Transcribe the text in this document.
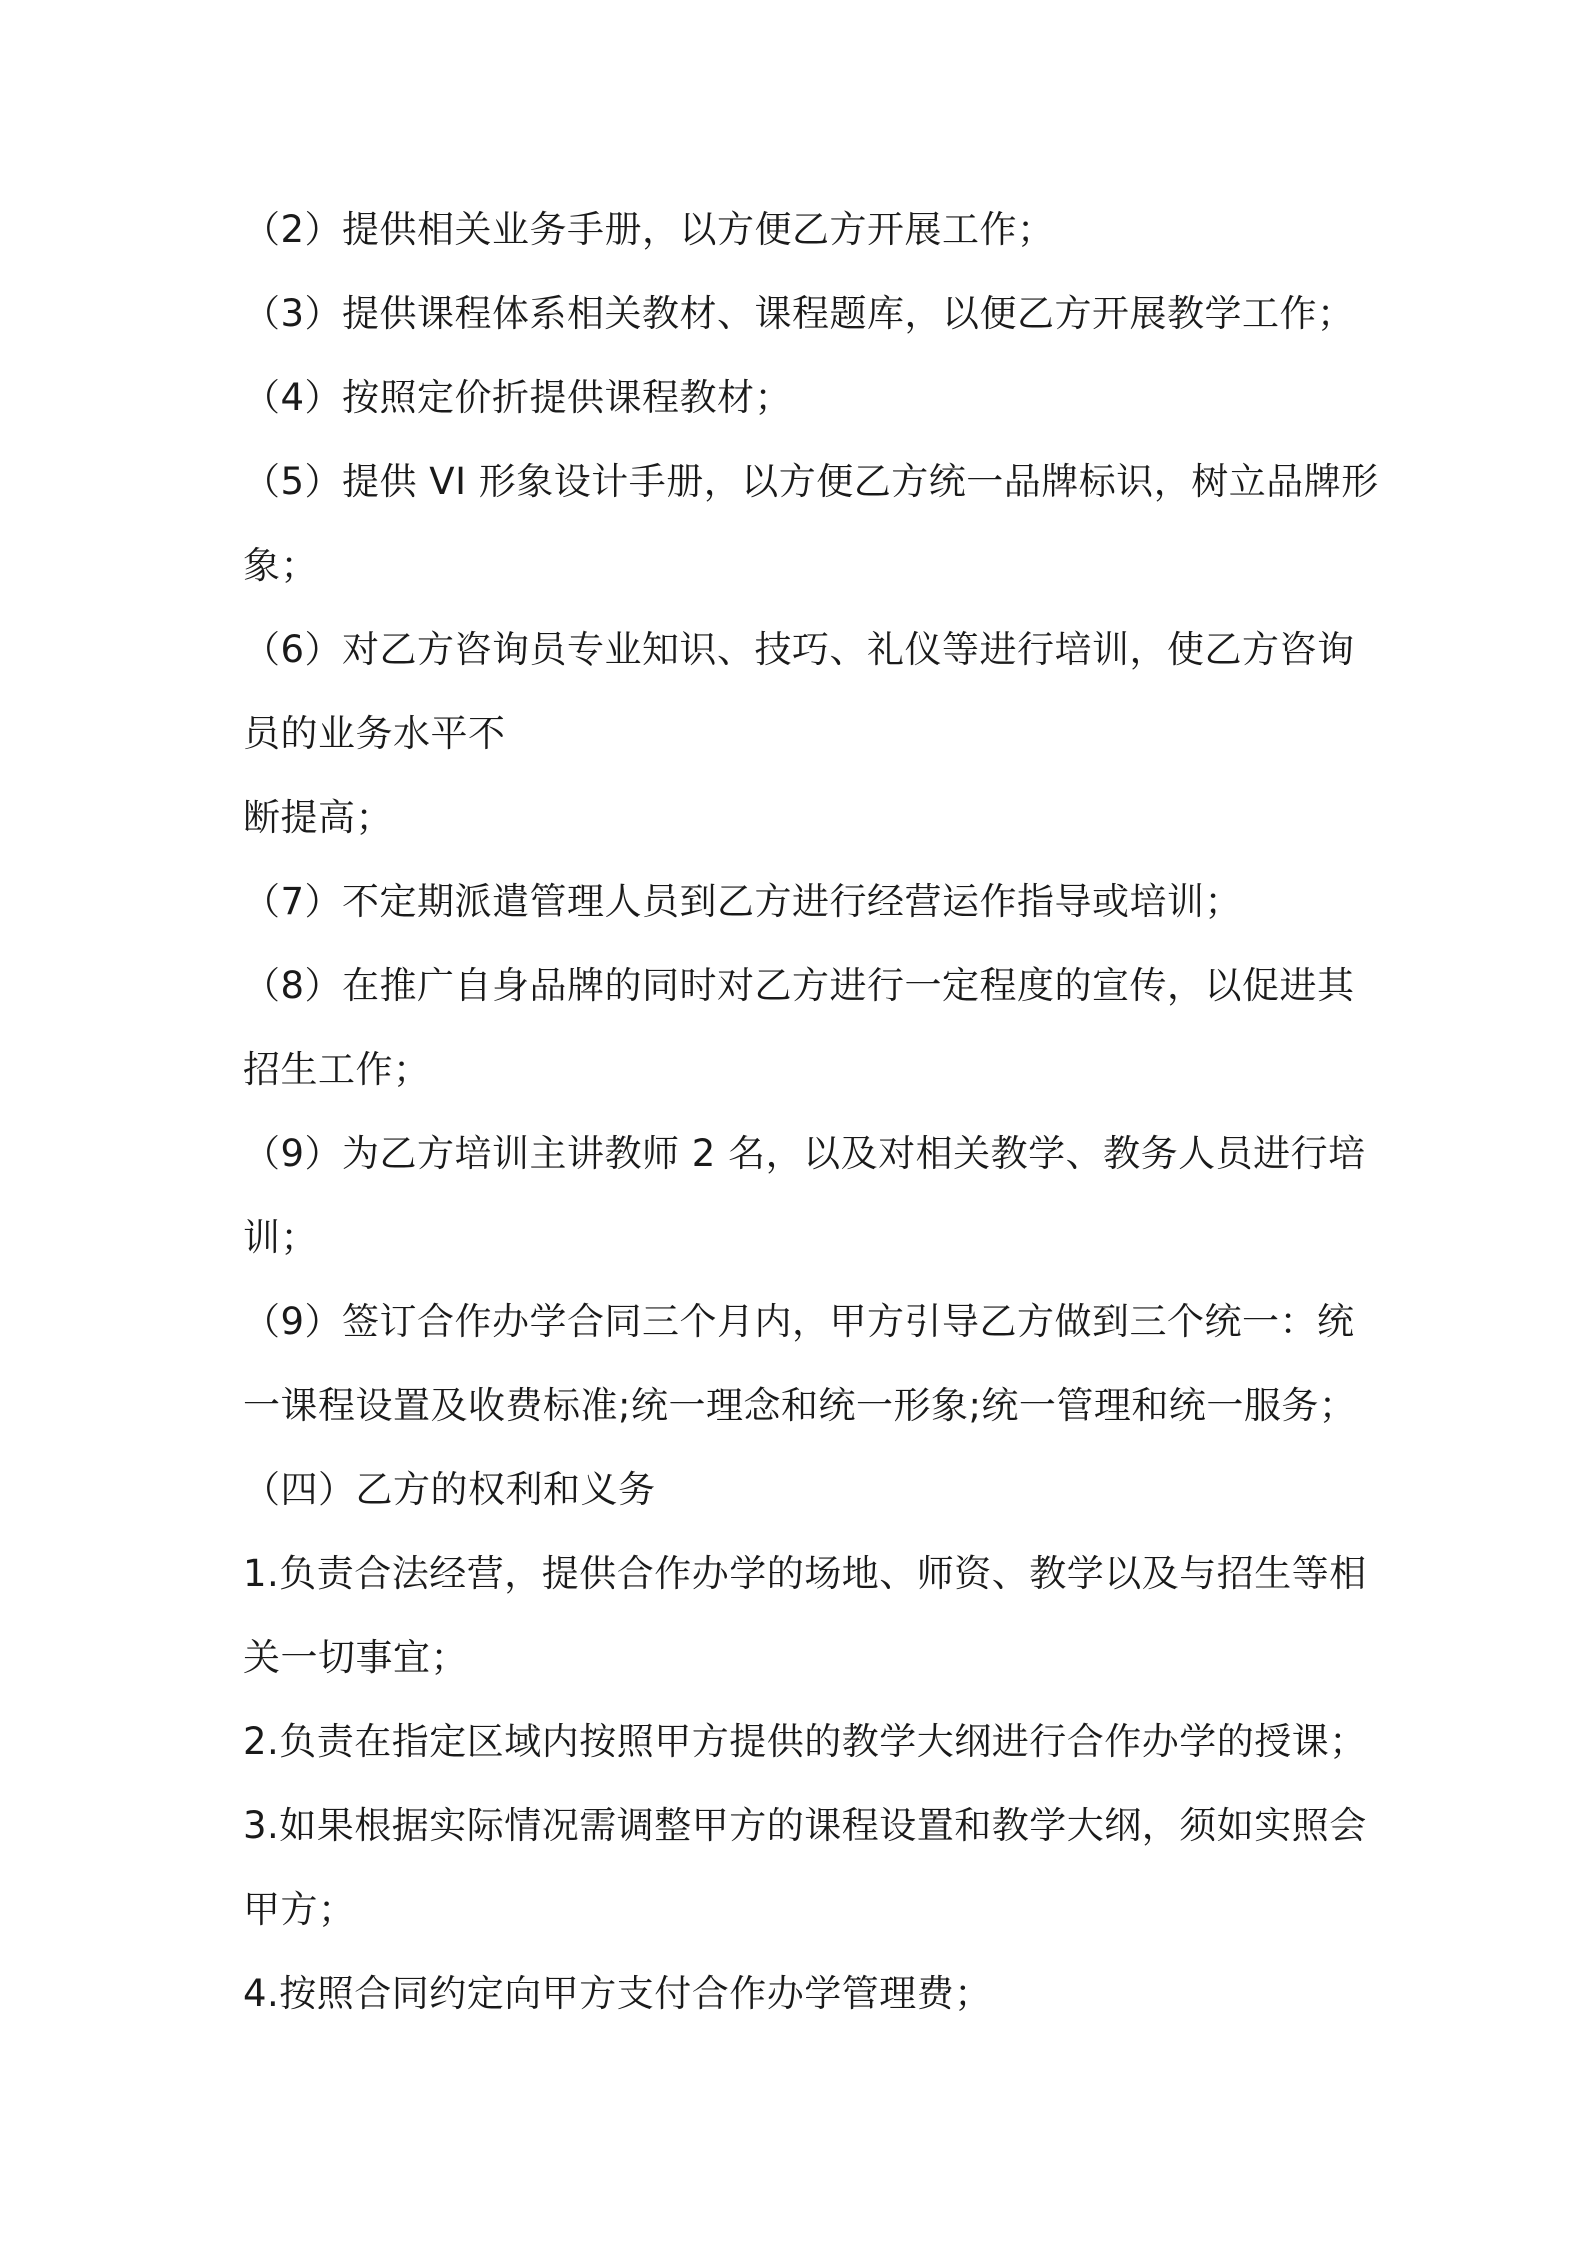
（2）提供相关业务手册，以方便乙方开展工作；
（3）提供课程体系相关教材、课程题库，以便乙方开展教学工作；
（4）按照定价折提供课程教材；
（5）提供 VI 形象设计手册，以方便乙方统一品牌标识，树立品牌形
象；
（6）对乙方咨询员专业知识、技巧、礼仪等进行培训，使乙方咨询
员的业务水平不
断提高；
（7）不定期派遣管理人员到乙方进行经营运作指导或培训；
（8）在推广自身品牌的同时对乙方进行一定程度的宣传，以促进其
招生工作；
（9）为乙方培训主讲教师 2 名，以及对相关教学、教务人员进行培
训；
（9）签订合作办学合同三个月内，甲方引导乙方做到三个统一：统
一课程设置及收费标准;统一理念和统一形象;统一管理和统一服务；
（四）乙方的权利和义务
1.负责合法经营，提供合作办学的场地、师资、教学以及与招生等相
关一切事宜；
2.负责在指定区域内按照甲方提供的教学大纲进行合作办学的授课；
3.如果根据实际情况需调整甲方的课程设置和教学大纲，须如实照会
甲方；
4.按照合同约定向甲方支付合作办学管理费；
